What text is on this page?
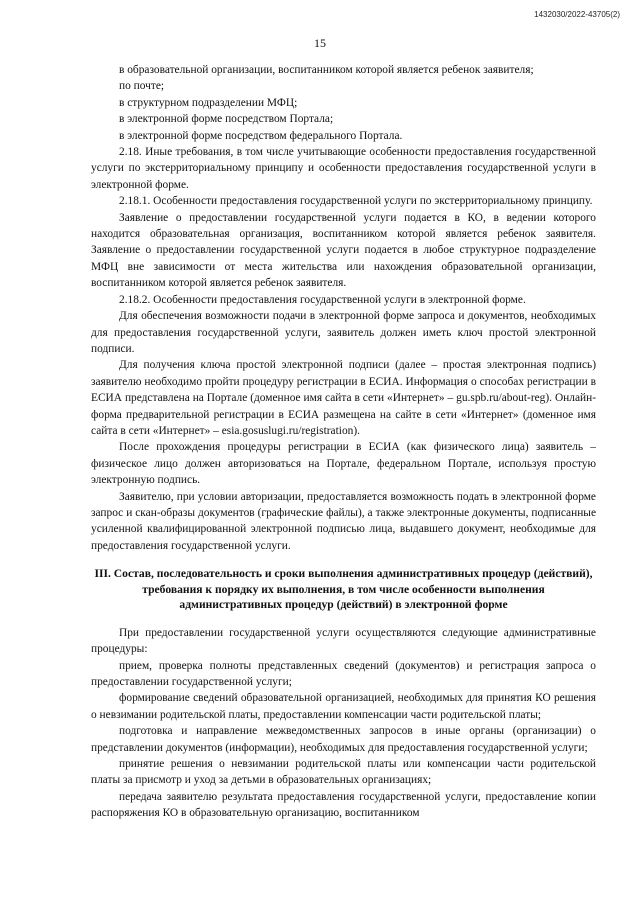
1432030/2022-43705(2)
15

в образовательной организации, воспитанником которой является ребенок заявителя;

по почте;

в структурном подразделении МФЦ;

в электронной форме посредством Портала;

в электронной форме посредством федерального Портала.

2.18. Иные требования, в том числе учитывающие особенности предоставления государственной услуги по экстерриториальному принципу и особенности предоставления государственной услуги в электронной форме.

2.18.1. Особенности предоставления государственной услуги по экстерриториальному принципу.

Заявление о предоставлении государственной услуги подается в КО, в ведении которого находится образовательная организация, воспитанником которой является ребенок заявителя. Заявление о предоставлении государственной услуги подается в любое структурное подразделение МФЦ вне зависимости от места жительства или нахождения образовательной организации, воспитанником которой является ребенок заявителя.

2.18.2. Особенности предоставления государственной услуги в электронной форме.

Для обеспечения возможности подачи в электронной форме запроса и документов, необходимых для предоставления государственной услуги, заявитель должен иметь ключ простой электронной подписи.

Для получения ключа простой электронной подписи (далее – простая электронная подпись) заявителю необходимо пройти процедуру регистрации в ЕСИА. Информация о способах регистрации в ЕСИА представлена на Портале (доменное имя сайта в сети «Интернет» – gu.spb.ru/about-reg). Онлайн-форма предварительной регистрации в ЕСИА размещена на сайте в сети «Интернет» (доменное имя сайта в сети «Интернет» – esia.gosuslugi.ru/registration).

После прохождения процедуры регистрации в ЕСИА (как физического лица) заявитель – физическое лицо должен авторизоваться на Портале, федеральном Портале, используя простую электронную подпись.

Заявителю, при условии авторизации, предоставляется возможность подать в электронной форме запрос и скан-образы документов (графические файлы), а также электронные документы, подписанные усиленной квалифицированной электронной подписью лица, выдавшего документ, необходимые для предоставления государственной услуги.

III. Состав, последовательность и сроки выполнения административных процедур (действий), требования к порядку их выполнения, в том числе особенности выполнения административных процедур (действий) в электронной форме

При предоставлении государственной услуги осуществляются следующие административные процедуры:

прием, проверка полноты представленных сведений (документов) и регистрация запроса о предоставлении государственной услуги;

формирование сведений образовательной организацией, необходимых для принятия КО решения о невзимании родительской платы, предоставлении компенсации части родительской платы;

подготовка и направление межведомственных запросов в иные органы (организации) о представлении документов (информации), необходимых для предоставления государственной услуги;

принятие решения о невзимании родительской платы или компенсации части родительской платы за присмотр и уход за детьми в образовательных организациях;

передача заявителю результата предоставления государственной услуги, предоставление копии распоряжения КО в образовательную организацию, воспитанником
